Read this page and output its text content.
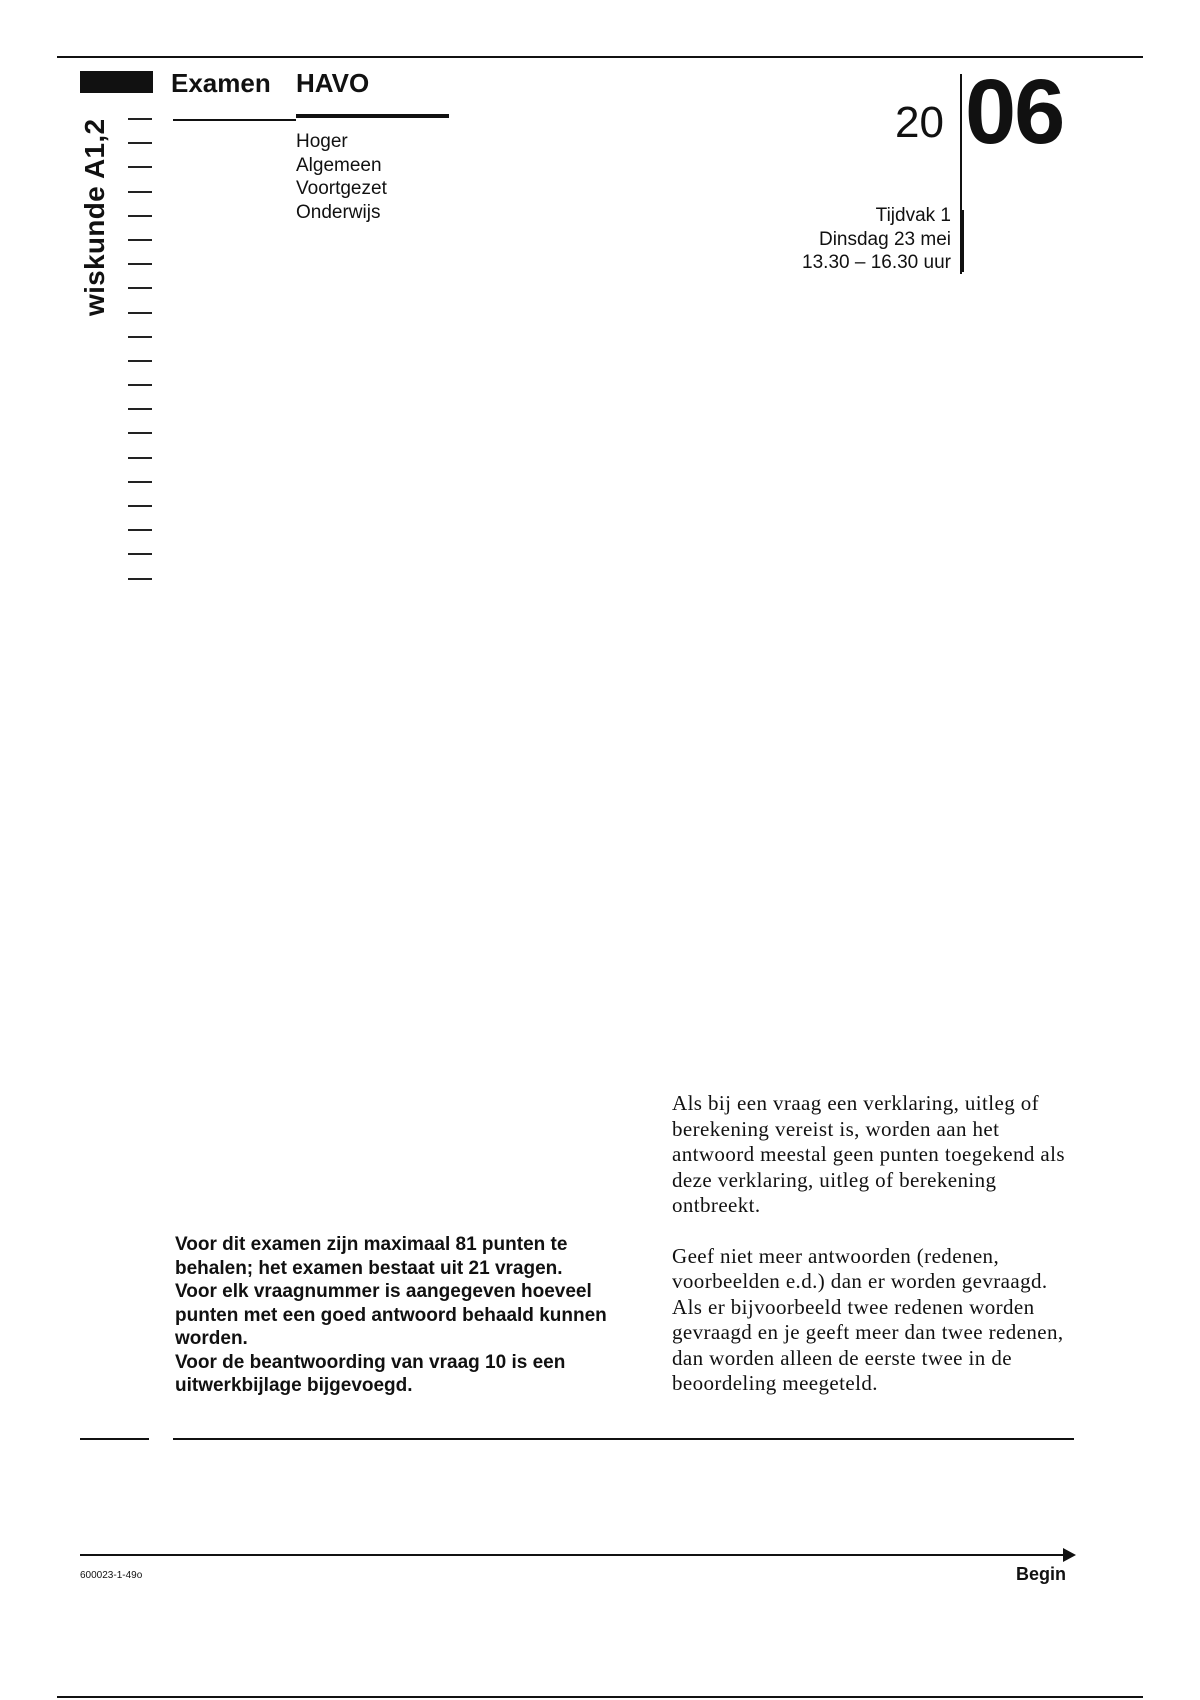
wiskunde A1,2
Examen HAVO
Hoger
Algemeen
Voortgezet
Onderwijs
20 06
Tijdvak 1
Dinsdag 23 mei
13.30 – 16.30 uur
Voor dit examen zijn maximaal 81 punten te behalen; het examen bestaat uit 21 vragen.
Voor elk vraagnummer is aangegeven hoeveel punten met een goed antwoord behaald kunnen worden.
Voor de beantwoording van vraag 10 is een uitwerkbijlage bijgevoegd.

Als bij een vraag een verklaring, uitleg of berekening vereist is, worden aan het antwoord meestal geen punten toegekend als deze verklaring, uitleg of berekening ontbreekt.

Geef niet meer antwoorden (redenen, voorbeelden e.d.) dan er worden gevraagd. Als er bijvoorbeeld twee redenen worden gevraagd en je geeft meer dan twee redenen, dan worden alleen de eerste twee in de beoordeling meegeteld.

600023-1-49o	Begin
